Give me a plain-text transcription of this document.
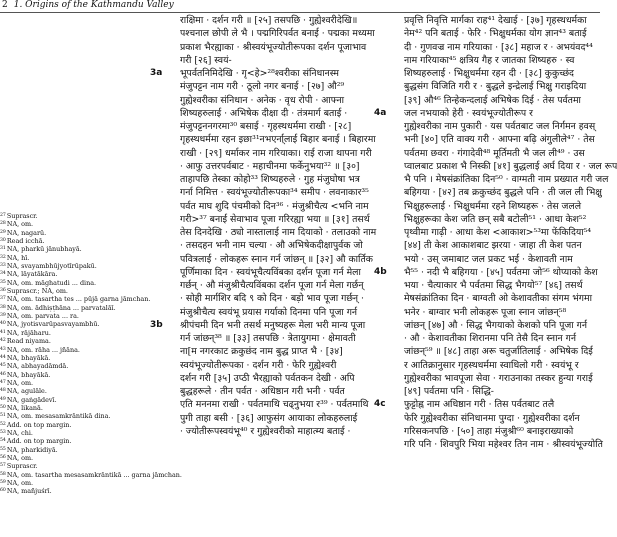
2 1. Origins of the Kathmandu Valley
$^{27}$Suprascr.
$^{28}$NA, om.
$^{29}$NA, nagarū.
$^{30}$Read icchā.
$^{31}$NA, pharkū jānubhayā.
$^{32}$NA, hī.
$^{33}$NA, svayambhūjyotīrūpakū.
$^{34}$NA, lāyatākāra.
$^{35}$NA, om. māghatudi ... dina.
$^{36}$Suprascr.; NA, om.
$^{37}$NA, om. tasartha tes ... pūjā garna jāmchan.
$^{38}$NA, om. ādhiṣṭhāna ... parvatalāī.
$^{39}$NA, om. parvata ... ra.
$^{40}$NA, jyotisvarūpasvayambhū.
$^{41}$NA, rājāharu.
$^{42}$Read niyama.
$^{43}$NA, om. rāha ... jñāna.
$^{44}$NA, bhayākā.
$^{45}$NA, abhayadāmdā.
$^{46}$NA, bhayākā.
$^{47}$NA, om.
$^{48}$NA, agulāle.
$^{49}$NA, gaṅgādevī.
$^{50}$NA, likanā.
$^{51}$NA, om. mesasamkrāntikā dina.
$^{52}$Add. on top margin.
$^{53}$NA, chi.
$^{54}$Add. on top margin.
$^{55}$NA, pharkidiyā.
$^{56}$NA, om.
$^{57}$Suprascr.
$^{58}$NA, om. tasartha mesasamkrāntikā ... garna jāmchan.
$^{59}$NA, om.
$^{60}$NA, mañjuśrī.
राक्षिमा · दर्शन गरी ॥ [२५] तसपछि · गुह्येश्वरीदेखि॥
पश्चनाल छोपी ले भै । पद्मगिरिपर्वत बनाई · पद्मका मध्यमा
प्रकाश भैरह्याका · श्रीस्वयंभूज्योतीरूपका दर्शन पूजाभाव
गरी [२६] स्वयं-
3a भूपर्वतनिमिदेखि · गृ<हे>²⁸श्वरीका संनिधानस्म
मंजुपट्टन नाम गरी · ठूलो नगर बनाई · [२७] औ²⁹
गुह्येश्वरीका संनिधान · अनेक · वृध रोपी · आफ्ना
शिष्यहरुलाई · अभिषेक दीक्षा दी · तंत्रमार्ग बताई ·
मंजुपट्टननगरमा³⁰ बसाई · गृहस्थधर्ममा राखी · [२८]
गृहस्थधर्ममा रहन इछा³¹नभएर्ना्लाई बिहार बनाई । बिहारमा
राखी · [२९] धर्माकर नाम गरियाका। राई राजा थापना गरी
· आफु उत्तरपर्वबाट · महाचीनमा फर्केनुभया³² ॥ [३०]
ताहापछि तेस्का कोहो³³ शिष्यहरुले · गुह मंजुघोषा भत्र
गर्ना निमित्त · स्वयंभूज्योतीरूपका³⁴ समीप · लवनाकार³⁵
पर्वत माघ शुदि पंचमीको दिन³⁶ · मंजुश्रीचैत्य <भनि नाम
गरी>³⁷ बनाई सेवाभाव पूजा गरिरह्या भया ॥ [३१] तसर्थ
तेस दिनदेखि · ठ्यो नास्तालाई नाम दियाको · तलाउको नाम
· तसदहन भनी नाम चल्या · औ अभिषेकदीक्षापुर्वक जो
पवित्रलाई · लोकहरू स्नान गर्न जांछन् ॥ [३२] औ कार्तिक
पूर्णिमाका दिन · स्वयंभूचैत्यविंबका दर्शन पूजा गर्न मेला
गर्छन् · औ मंजुश्रीचैत्यविंबका दर्शन पूजा गर्न मेला गर्छन्
· सोही मार्गशिर बदि ९ को दिन · बड़ो भाव पूजा गर्छन् ·
मंजुश्रीचैत्य स्वयंभू प्रयास गर्याको दिनमा पनि पूजा गर्न
3b श्रीपंचमी दिन भनी तसर्थ मनुष्यहरू मेला भरी मान्य पूजा
गर्न जांछन्³⁸ ॥ [३३] तसपछि · त्रेतायुगमा · क्षेमावती
ना[म नगरकाट क्रकुछंद नाम बुद्ध प्राप्त भै · [३४]
स्वयंभूज्योतीरूपका · दर्शन गरी · फेरि गुह्येश्वरी
दर्शन गरी [३५] उप्ठी भैरह्याको पर्वतकन देखी · अपि
बुद्धहरूले · तीन पर्वत · अधिष्ठान गरी भनी · पर्वत
एति मननमा राखी · पर्वतमाथि चढ्नुभया र³⁹ · पर्वतमाथि
पुगी ताहा बसी · [३६] आफुसंग आयाका लोकहरुलाई
· ज्योतीरूपस्वयंभू⁴⁰ र गुह्येश्वरीको माहात्म्य बताई ·
प्रवृत्ति निवृत्ति मार्गका राह⁴¹ देखाई · [३७] गृहस्थधर्मका
नेम⁴² पनि बताई · फेरि · भिक्षुधर्मका योग ज्ञान⁴³ बताई
दी · गुणवज्र नाम गरियाका · [३८] महाज र · अभयंवद⁴⁴
नाम गरियाका⁴⁵ क्षत्रिय गैह र जातका शिष्यहरु · स्व
शिष्यहरुलाई · भिक्षुधर्ममा रहन दी · [३८] कुकुच्छंद
बुद्धसंग विजिति गरी र · बुद्धले इन्द्रेलाई भिक्षु गराइदिया
[३९] औ⁴⁶ तिन्हेकन्दलाई अभिषेक दिई · तेस पर्वतमा
4a जल नभयाको हेरी · स्वयंभूज्योतीरूप र
गुह्येश्वरीका नाम पुकारी · यस पर्वतबाट जल निर्गमन हवस्
भनी [४०] एति वाक्य गरी · आफ्ना बढ़ि अंगुलीले⁴⁷ · तेस
पर्वतमा छवरा · गंगादेवी⁴⁸ मूर्तिमती भै जल ली⁴⁹ · उस
प्वालबाट प्रकाश भै निस्की [४१] बुद्धलाई अर्घ दिया र · जल रूप
भै पनि । मेषसंक्रांतिका दिन⁵⁰ · वाग्मती नाम प्रख्यात गरी जल
बहिगया · [४२] तब क्रकुच्छंद बुद्धले पनि · ती जल ली भिक्षु
भिक्षुहरूलाई · भिक्षुधर्ममा रहने शिष्यहरू · तेस जलले
भिक्षुहरूका केश जति छन् सबै बटोली⁵¹ · आधा केश⁵²
पृथ्वीमा गाढ़ी · आधा केश <आकाश>⁵³मा फेंकिदिया⁵⁴
[४४] ती केश आकाशबाट झरया · जाहा ती केश पतन
भयो · उस् जमाबाट जल प्रकट भई · केशावती नाम
4b भै⁵⁵ · नदी भै बहिगया · [४५] पर्वतमा जो⁵⁶ थोप्याको केश
भया · चैत्याकार भै पर्वतमा सिद्ध भैगयो⁵⁷ [४६] तसर्थ
मेषसंक्रांतिका दिन · बाग्वती ओ केशावतीका संगम भंगमा
भनेर · बाग्वार भनी लोकहरू पूजा स्नान जांछन्⁵⁸
जांछन् [४७] औ · सिद्ध भैगयाको केशको पनि पूजा गर्न
· औ · केशावतीका शिरानमा पनि तेसै दिन स्नान गर्न
जांछन्⁵⁹ ॥ [४८] ताहा अरू चतुर्जातिलाई · अभिषेक दिई
र आतिक्रानुसार गृहस्थधर्ममा स्वाधिलो गरी · स्वयंभू र
गुह्येश्वरीका भावपूजा सेवा · गराउनाका तस्कर हुन्या गराई
[४९] पर्वतमा पनि · सिद्धि-
4c फुट्टोह्न नाम अधिष्ठान गरी · तिस पर्वतबाट तलै
फेरि गुह्येश्वरीका संनिधानमा पुग्दा · गुह्येश्वरीका दर्शन
गरिसकनपछि · [५०] ताहा मंजुश्री⁶⁰ बनाइराख्याको
गरि पनि · शिवपुरि भिया महेश्वर तिन नाम · श्रीस्वयंभूज्योति
